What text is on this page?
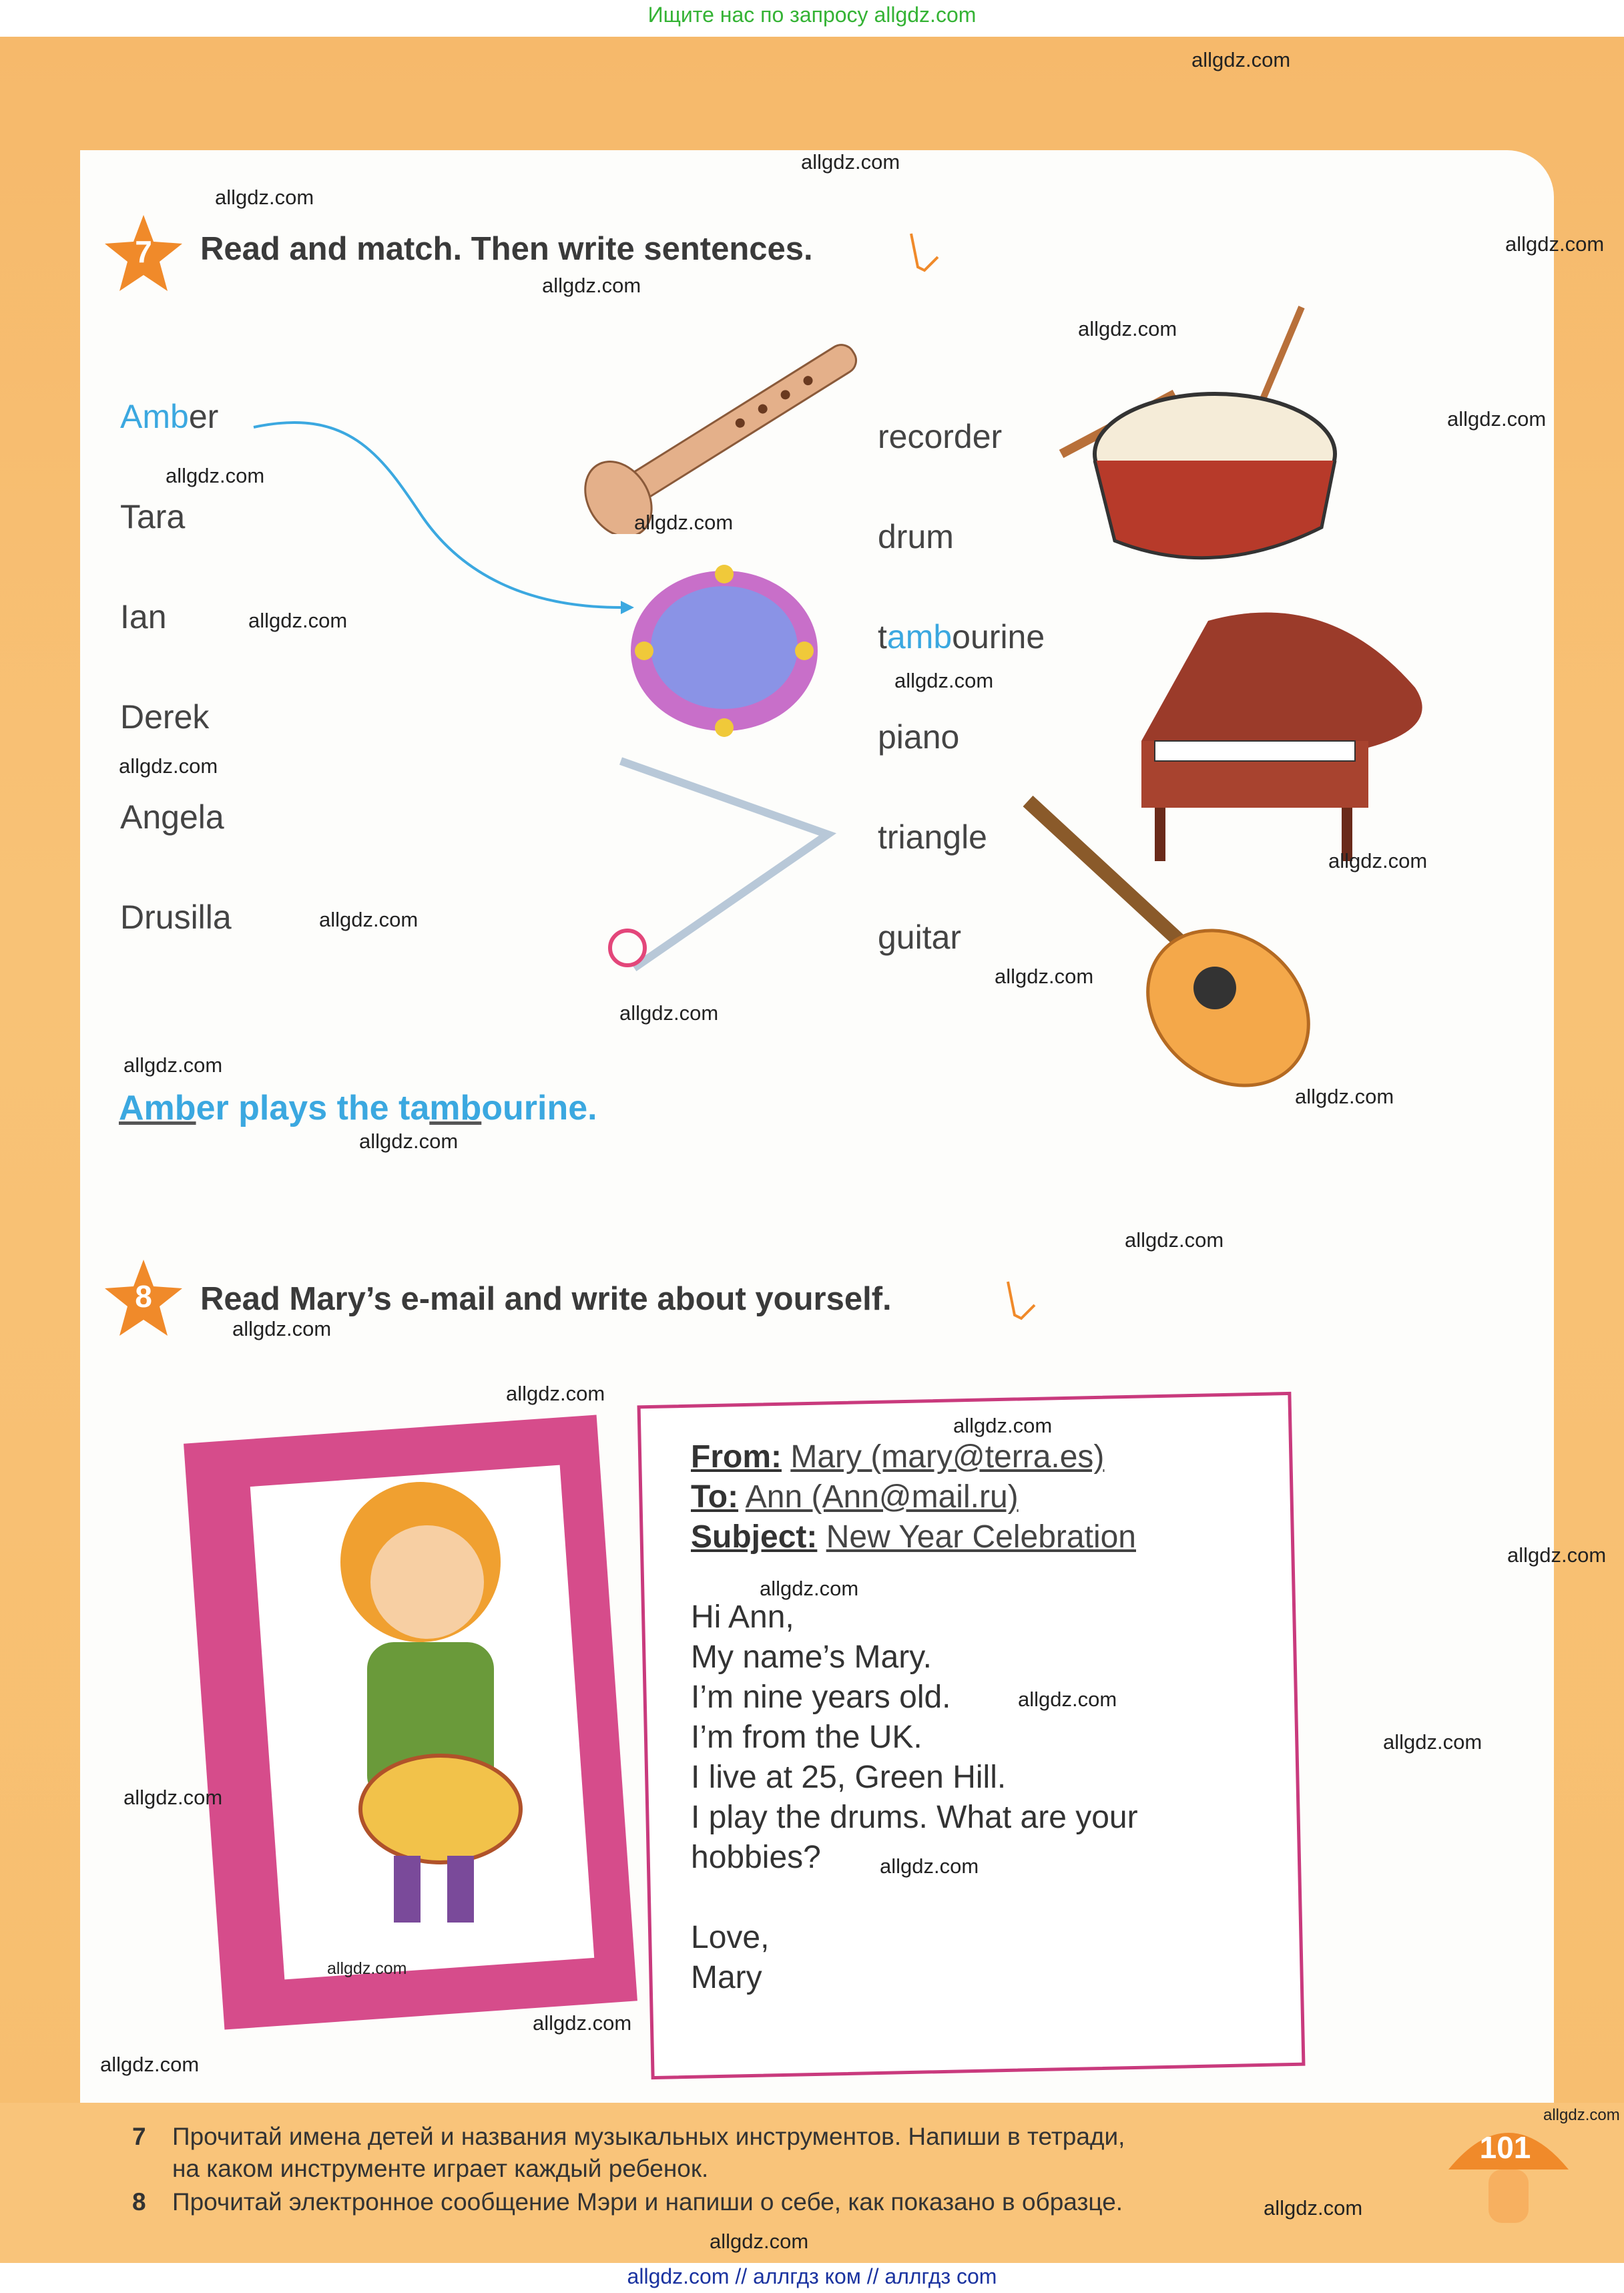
Ищите нас по запросу allgdz.com
7	Read and match. Then write sentences.
Amber
Tara
Ian
Derek
Angela
Drusilla
recorder
drum
tambourine
piano
triangle
guitar
Amber plays the tambourine.
8	Read Mary’s e-mail and write about yourself.
From: Mary (mary@terra.es)
To: Ann (Ann@mail.ru)
Subject: New Year Celebration
Hi Ann,
My name’s Mary.
I’m nine years old.
I’m from the UK.
I live at 25, Green Hill.
I play the drums. What are your
hobbies?
Love,
Mary
7 Прочитай имена детей и названия музыкальных инструментов. Напиши в тетради,
на каком инструменте играет каждый ребенок.
8 Прочитай электронное сообщение Мэри и напиши о себе, как показано в образце.
101
allgdz.com
allgdz.com
allgdz.com
allgdz.com
allgdz.com
allgdz.com
allgdz.com
allgdz.com
allgdz.com
allgdz.com
allgdz.com
allgdz.com
allgdz.com
allgdz.com
allgdz.com
allgdz.com
allgdz.com
allgdz.com
allgdz.com
allgdz.com
allgdz.com
allgdz.com
allgdz.com
allgdz.com
allgdz.com
allgdz.com
allgdz.com
allgdz.com
allgdz.com
allgdz.com
allgdz.com
allgdz.com
allgdz.com
allgdz.com
allgdz.com
allgdz.com // аллгдз ком // аллгдз com
